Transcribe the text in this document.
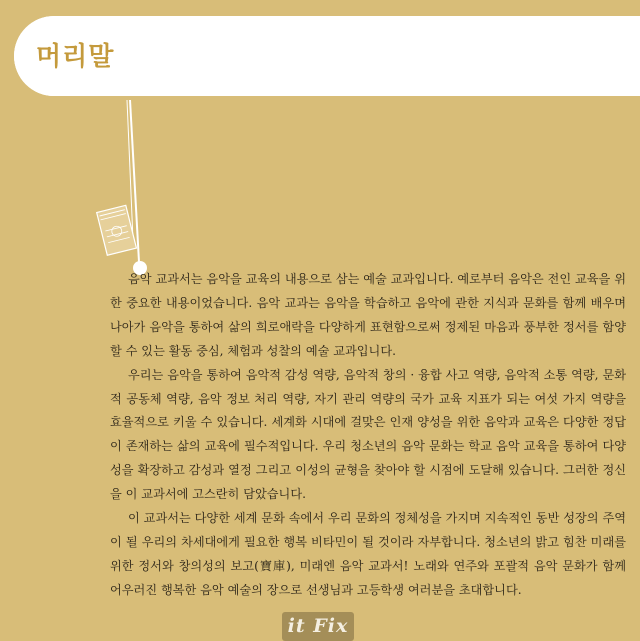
머리말

음악 교과서는 음악을 교육의 내용으로 삼는 예술 교과입니다. 예로부터 음악은 전인 교육을 위한 중요한 내용이었습니다. 음악 교과는 음악을 학습하고 음악에 관한 지식과 문화를 함께 배우며 나아가 음악을 통하여 삶의 희로애락을 다양하게 표현함으로써 정제된 마음과 풍부한 정서를 함양할 수 있는 활동 중심, 체험과 성찰의 예술 교과입니다.

우리는 음악을 통하여 음악적 감성 역량, 음악적 창의 · 융합 사고 역량, 음악적 소통 역량, 문화적 공동체 역량, 음악 정보 처리 역량, 자기 관리 역량의 국가 교육 지표가 되는 여섯 가지 역량을 효율적으로 키울 수 있습니다. 세계화 시대에 걸맞은 인재 양성을 위한 음악과 교육은 다양한 정답이 존재하는 삶의 교육에 필수적입니다. 우리 청소년의 음악 문화는 학교 음악 교육을 통하여 다양성을 확장하고 감성과 열정 그리고 이성의 균형을 찾아야 할 시점에 도달해 있습니다. 그러한 정신을 이 교과서에 고스란히 담았습니다.

이 교과서는 다양한 세계 문화 속에서 우리 문화의 정체성을 가지며 지속적인 동반 성장의 주역이 될 우리의 차세대에게 필요한 행복 비타민이 될 것이라 자부합니다. 청소년의 밝고 힘찬 미래를 위한 정서와 창의성의 보고(寶庫), 미래엔 음악 교과서! 노래와 연주와 포괄적 음악 문화가 함께 어우러진 행복한 음악 예술의 장으로 선생님과 고등학생 여러분을 초대합니다.

it Fix
